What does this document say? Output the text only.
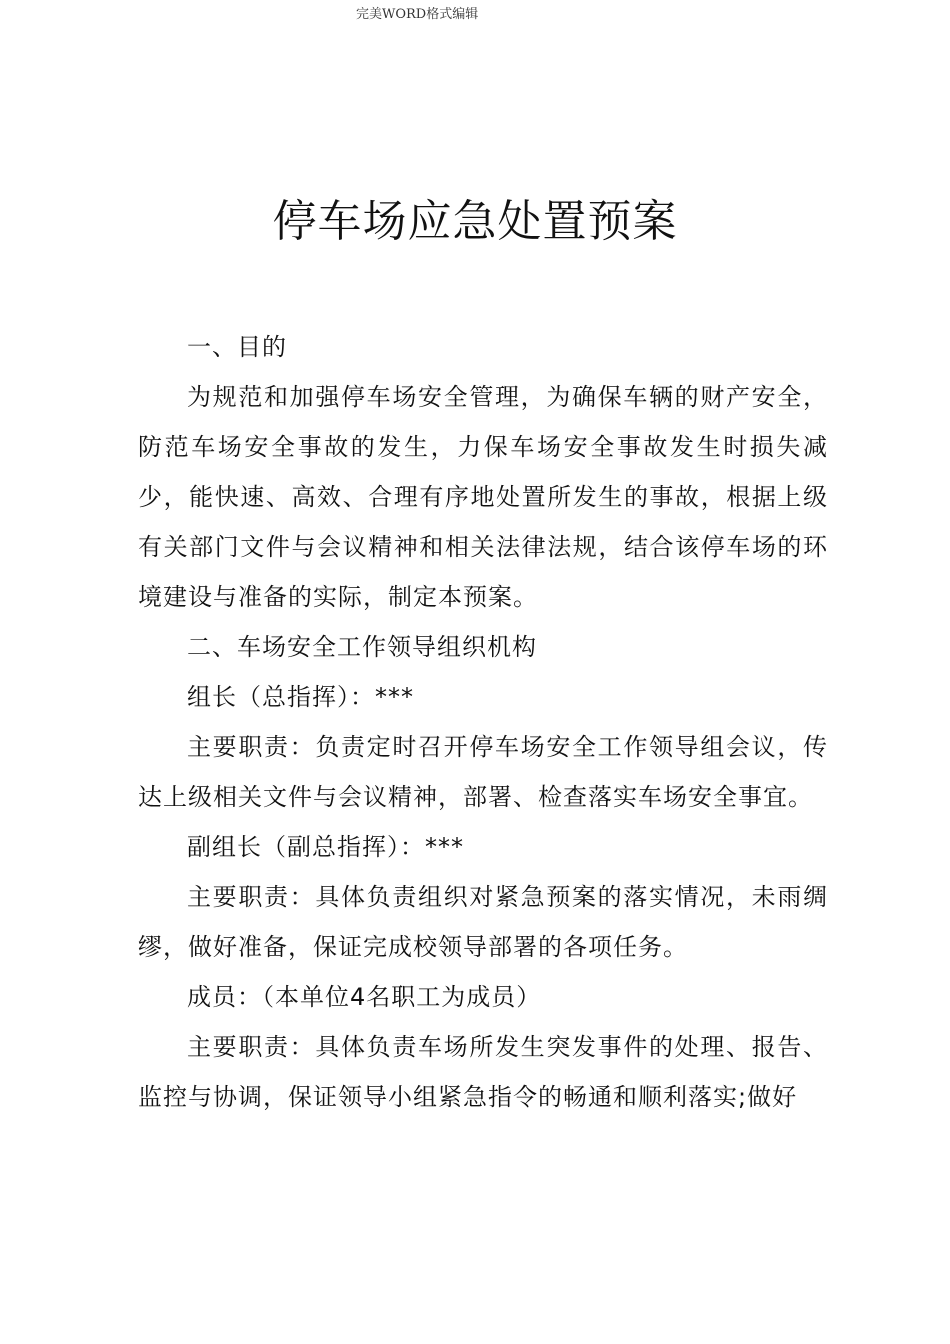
完美WORD格式编辑
停车场应急处置预案

一、目的

为规范和加强停车场安全管理，为确保车辆的财产安全，防范车场安全事故的发生，力保车场安全事故发生时损失减少，能快速、高效、合理有序地处置所发生的事故，根据上级有关部门文件与会议精神和相关法律法规，结合该停车场的环境建设与准备的实际，制定本预案。

二、车场安全工作领导组织机构

组长（总指挥）：***

主要职责：负责定时召开停车场安全工作领导组会议，传达上级相关文件与会议精神，部署、检查落实车场安全事宜。

副组长（副总指挥）：***

主要职责：具体负责组织对紧急预案的落实情况，未雨绸缪，做好准备，保证完成校领导部署的各项任务。

成员：（本单位4名职工为成员）

主要职责：具体负责车场所发生突发事件的处理、报告、监控与协调，保证领导小组紧急指令的畅通和顺利落实;做好
